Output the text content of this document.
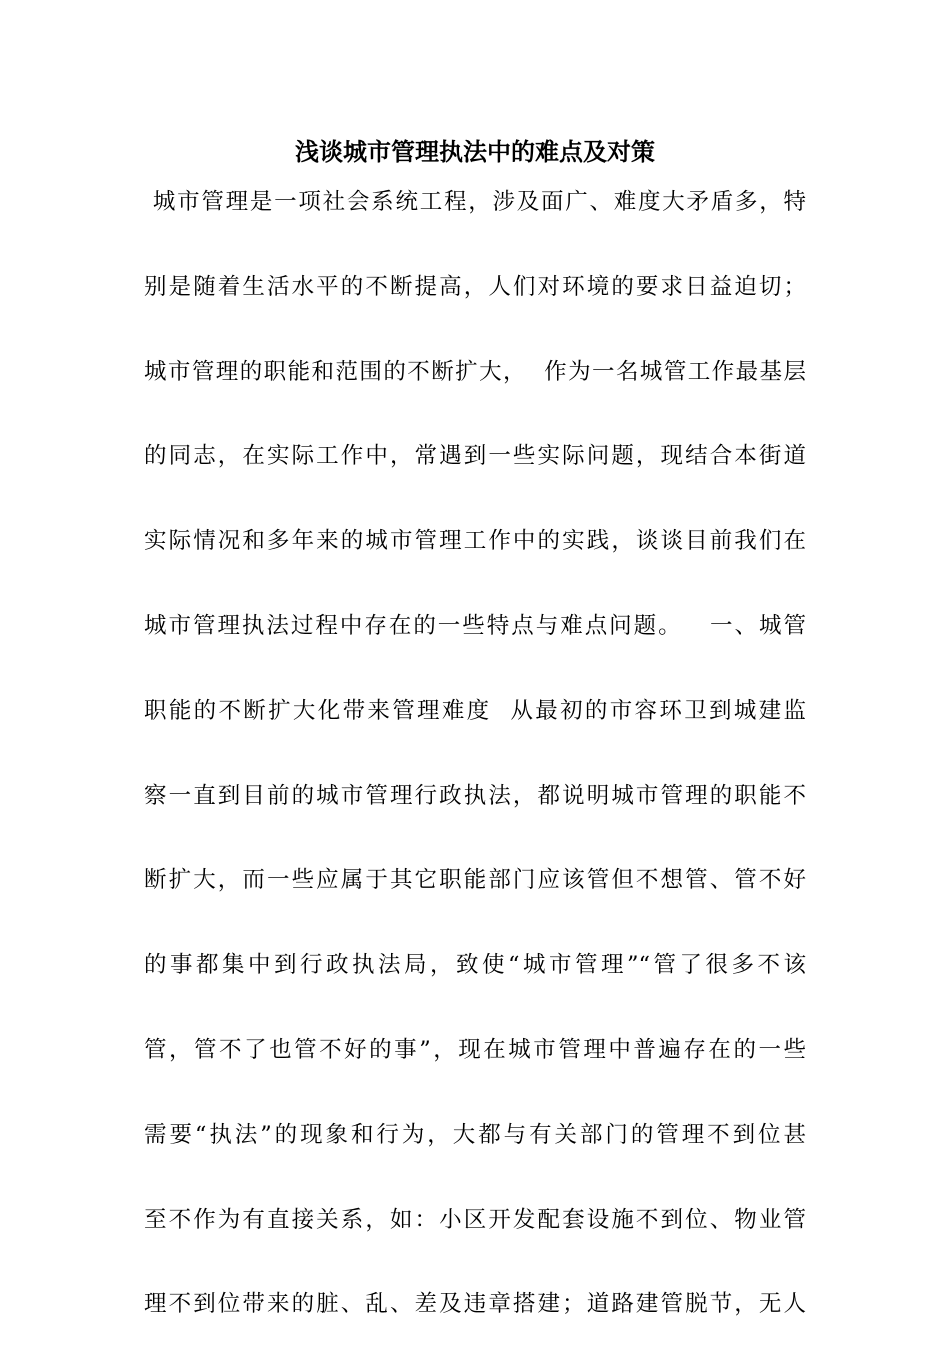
浅谈城市管理执法中的难点及对策
城市管理是一项社会系统工程，涉及面广、难度大矛盾多，特
别是随着生活水平的不断提高，人们对环境的要求日益迫切；
城市管理的职能和范围的不断扩大，  作为一名城管工作最基层
的同志，在实际工作中，常遇到一些实际问题，现结合本街道
实际情况和多年来的城市管理工作中的实践，谈谈目前我们在
城市管理执法过程中存在的一些特点与难点问题。   一、城管
职能的不断扩大化带来管理难度  从最初的市容环卫到城建监
察一直到目前的城市管理行政执法，都说明城市管理的职能不
断扩大，而一些应属于其它职能部门应该管但不想管、管不好
的事都集中到行政执法局，致使“城市管理”“管了很多不该
管，管不了也管不好的事”，现在城市管理中普遍存在的一些
需要“执法”的现象和行为，大都与有关部门的管理不到位甚
至不作为有直接关系，如：小区开发配套设施不到位、物业管
理不到位带来的脏、乱、差及违章搭建；道路建管脱节，无人
